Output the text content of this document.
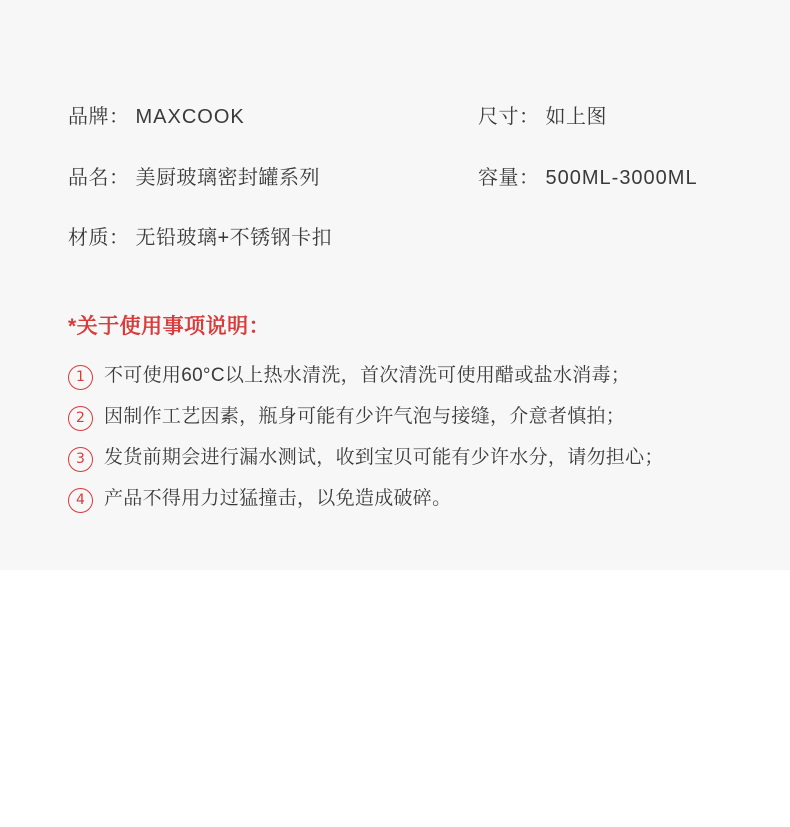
品牌： MAXCOOK	尺寸： 如上图
品名： 美厨玻璃密封罐系列	容量： 500ML-3000ML
材质： 无铅玻璃+不锈钢卡扣
*关于使用事项说明：
1	不可使用60°C以上热水清洗，首次清洗可使用醋或盐水消毒；
2	因制作工艺因素，瓶身可能有少许气泡与接缝，介意者慎拍；
3	发货前期会进行漏水测试，收到宝贝可能有少许水分，请勿担心；
4	产品不得用力过猛撞击，以免造成破碎。
